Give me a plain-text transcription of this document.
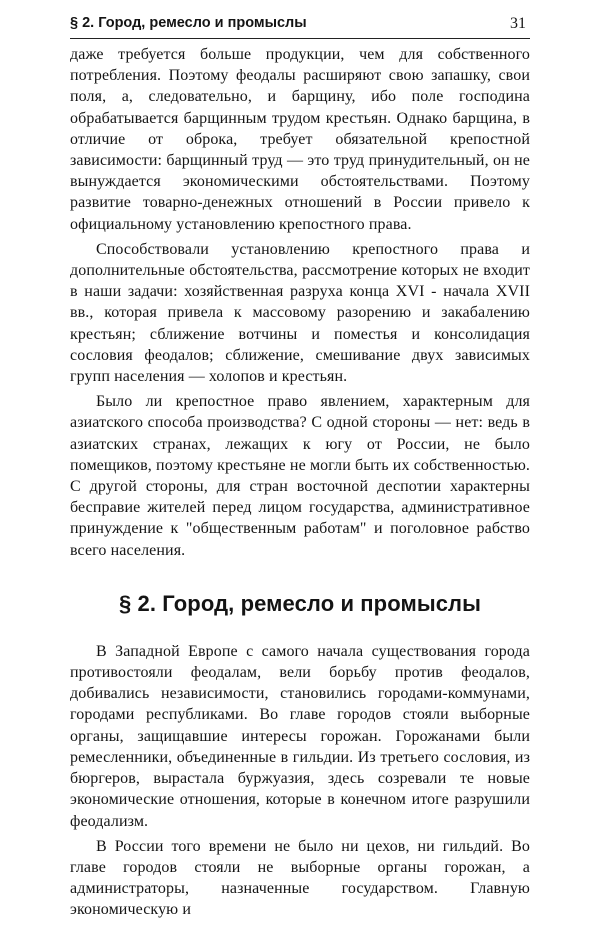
§ 2. Город, ремесло и промыслы	31

даже требуется больше продукции, чем для собственного потребления. Поэтому феодалы расширяют свою запашку, свои поля, а, следовательно, и барщину, ибо поле господина обрабатывается барщинным трудом крестьян. Однако барщина, в отличие от оброка, требует обязательной крепостной зависимости: барщинный труд — это труд принудительный, он не вынуждается экономическими обстоятельствами. Поэтому развитие товарно-денежных отношений в России привело к официальному установлению крепостного права.

Способствовали установлению крепостного права и дополнительные обстоятельства, рассмотрение которых не входит в наши задачи: хозяйственная разруха конца XVI - начала XVII вв., которая привела к массовому разорению и закабалению крестьян; сближение вотчины и поместья и консолидация сословия феодалов; сближение, смешивание двух зависимых групп населения — холопов и крестьян.

Было ли крепостное право явлением, характерным для азиатского способа производства? С одной стороны — нет: ведь в азиатских странах, лежащих к югу от России, не было помещиков, поэтому крестьяне не могли быть их собственностью. С другой стороны, для стран восточной деспотии характерны бесправие жителей перед лицом государства, административное принуждение к "общественным работам" и поголовное рабство всего населения.

§ 2. Город, ремесло и промыслы

В Западной Европе с самого начала существования города противостояли феодалам, вели борьбу против феодалов, добивались независимости, становились городами-коммунами, городами республиками. Во главе городов стояли выборные органы, защищавшие интересы горожан. Горожанами были ремесленники, объединенные в гильдии. Из третьего сословия, из бюргеров, вырастала буржуазия, здесь созревали те новые экономические отношения, которые в конечном итоге разрушили феодализм.

В России того времени не было ни цехов, ни гильдий. Во главе городов стояли не выборные органы горожан, а администраторы, назначенные государством. Главную экономическую и
